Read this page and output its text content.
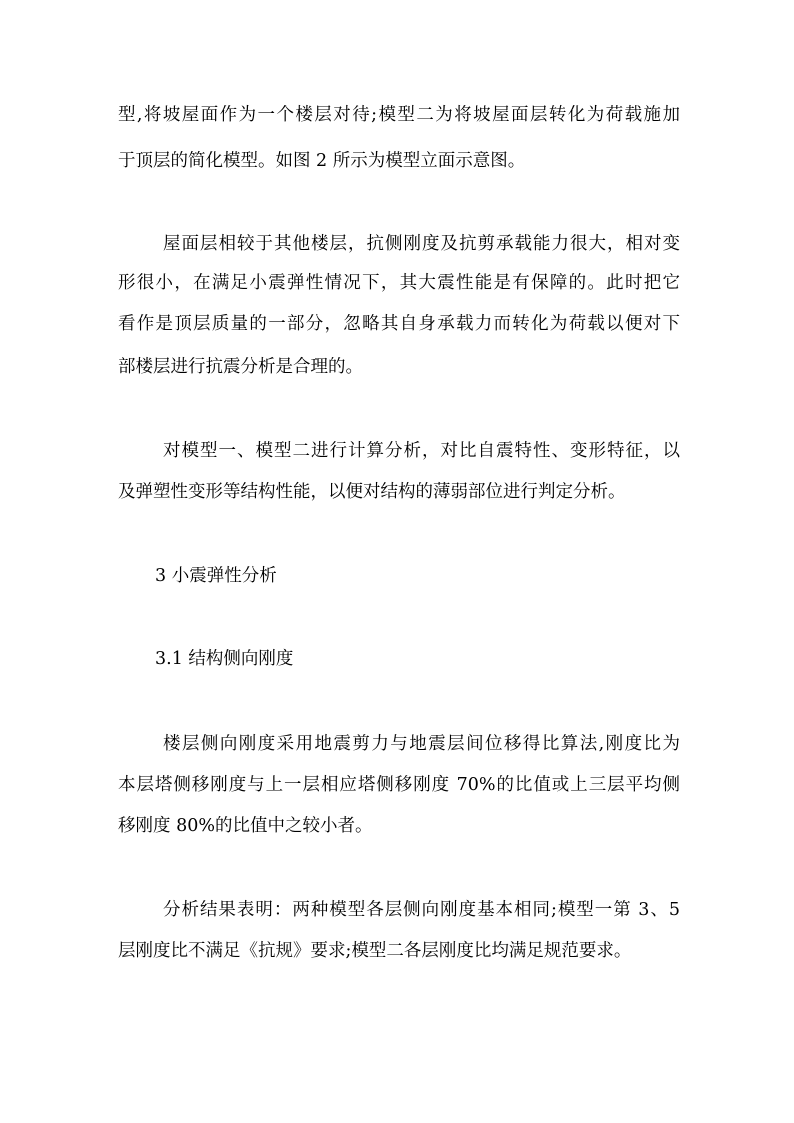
型,将坡屋面作为一个楼层对待;模型二为将坡屋面层转化为荷载施加
于顶层的简化模型。如图 2 所示为模型立面示意图。
屋面层相较于其他楼层，抗侧刚度及抗剪承载能力很大，相对变
形很小，在满足小震弹性情况下，其大震性能是有保障的。此时把它
看作是顶层质量的一部分，忽略其自身承载力而转化为荷载以便对下
部楼层进行抗震分析是合理的。
对模型一、模型二进行计算分析，对比自震特性、变形特征，以
及弹塑性变形等结构性能，以便对结构的薄弱部位进行判定分析。
3 小震弹性分析
3.1 结构侧向刚度
楼层侧向刚度采用地震剪力与地震层间位移得比算法,刚度比为
本层塔侧移刚度与上一层相应塔侧移刚度 70%的比值或上三层平均侧
移刚度 80%的比值中之较小者。
分析结果表明：两种模型各层侧向刚度基本相同;模型一第 3、5
层刚度比不满足《抗规》要求;模型二各层刚度比均满足规范要求。
